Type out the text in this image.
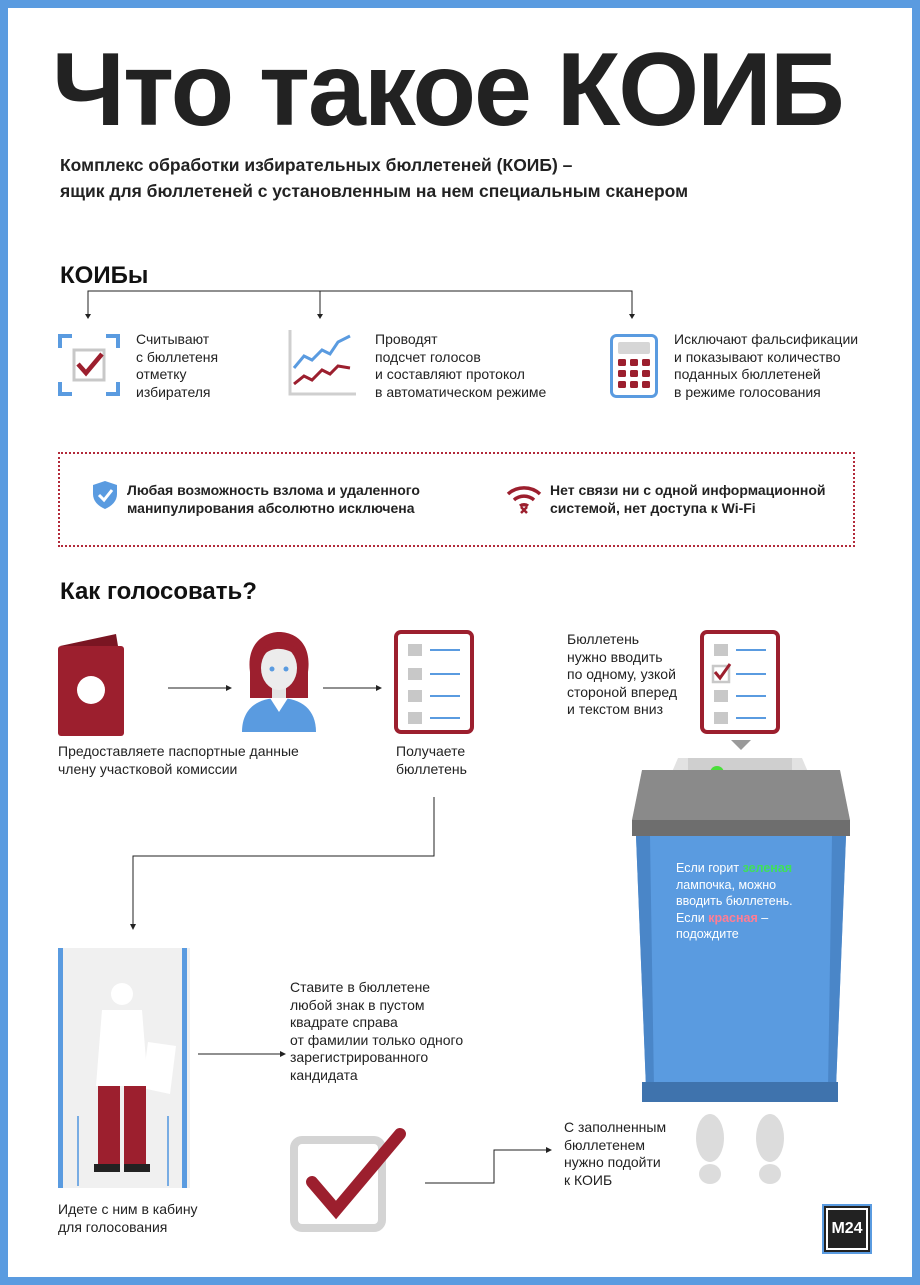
Что такое КОИБ
Комплекс обработки избирательных бюллетеней (КОИБ) –
ящик для бюллетеней с установленным на нем специальным сканером
КОИБы
Считывают
с бюллетеня
отметку
избирателя
Проводят
подсчет голосов
и составляют протокол
в автоматическом режиме
Исключают фальсификации
и показывают количество
поданных бюллетеней
в режиме голосования
Любая возможность взлома и удаленного
манипулирования абсолютно исключена
Нет связи ни с одной информационной
системой, нет доступа к Wi-Fi
Как голосовать?
Предоставляете паспортные данные
члену участковой комиссии
Получаете
бюллетень
Бюллетень
нужно вводить
по одному, узкой
стороной вперед
и текстом вниз
Если горит зеленая лампочка, можно вводить бюллетень. Если красная – подождите
Идете с ним в кабину
для голосования
Ставите в бюллетене
любой знак в пустом
квадрате справа
от фамилии только одного
зарегистрированного
кандидата
С заполненным
бюллетенем
нужно подойти
к КОИБ
M24
